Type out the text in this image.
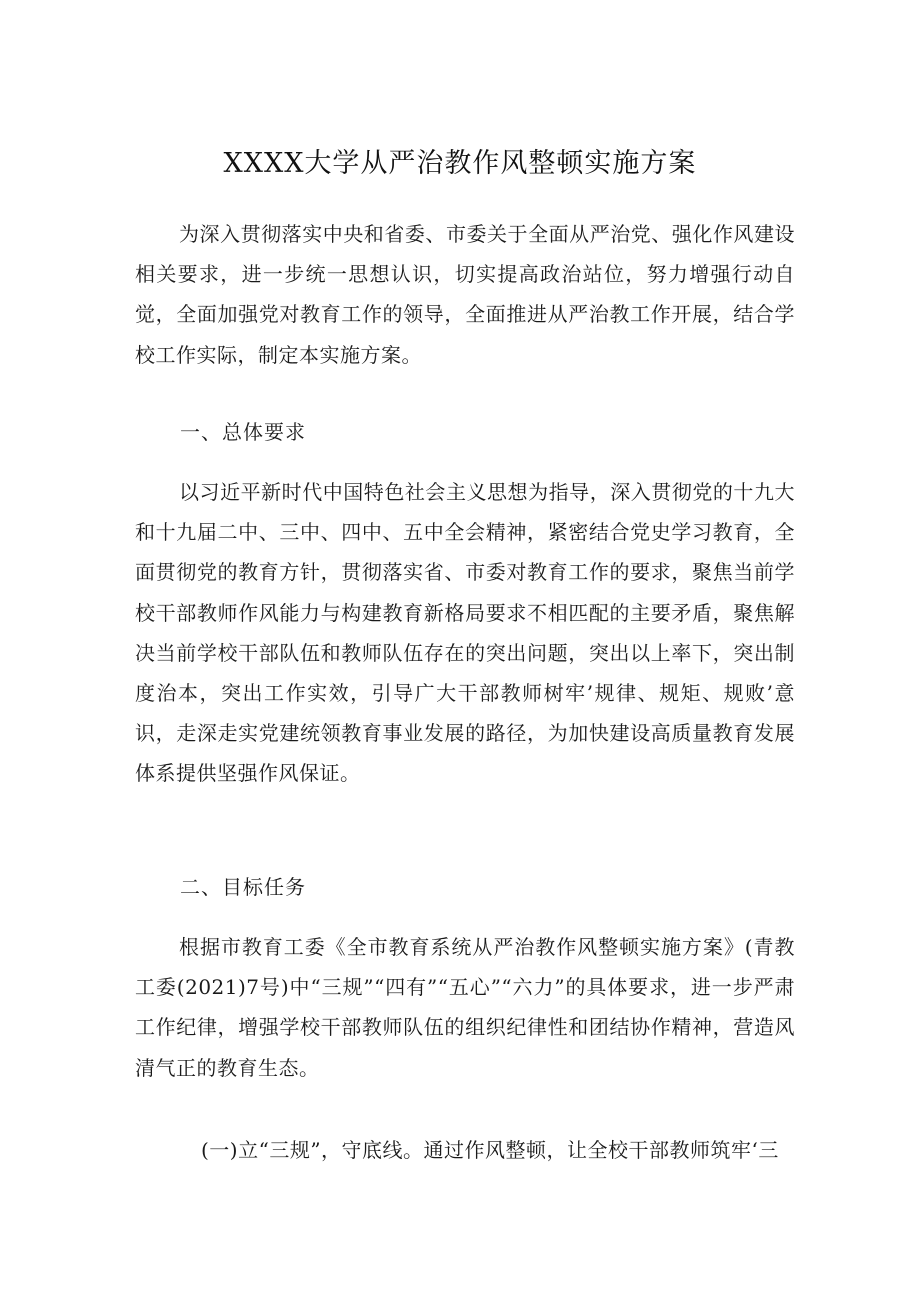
XXXX大学从严治教作风整顿实施方案
为深入贯彻落实中央和省委、市委关于全面从严治党、强化作风建设相关要求，进一步统一思想认识，切实提高政治站位，努力增强行动自觉，全面加强党对教育工作的领导，全面推进从严治教工作开展，结合学校工作实际，制定本实施方案。
一、总体要求
以习近平新时代中国特色社会主义思想为指导，深入贯彻党的十九大和十九届二中、三中、四中、五中全会精神，紧密结合党史学习教育，全面贯彻党的教育方针，贯彻落实省、市委对教育工作的要求，聚焦当前学校干部教师作风能力与构建教育新格局要求不相匹配的主要矛盾，聚焦解决当前学校干部队伍和教师队伍存在的突出问题，突出以上率下，突出制度治本，突出工作实效，引导广大干部教师树牢’规律、规矩、规败’意识，走深走实党建统领教育事业发展的路径，为加快建设高质量教育发展体系提供坚强作风保证。
二、目标任务
根据市教育工委《全市教育系统从严治教作风整顿实施方案》(青教工委(2021)7号)中“三规”“四有”“五心”“六力”的具体要求，进一步严肃工作纪律，增强学校干部教师队伍的组织纪律性和团结协作精神，营造风清气正的教育生态。
(一)立“三规”，守底线。通过作风整顿，让全校干部教师筑牢‘三
